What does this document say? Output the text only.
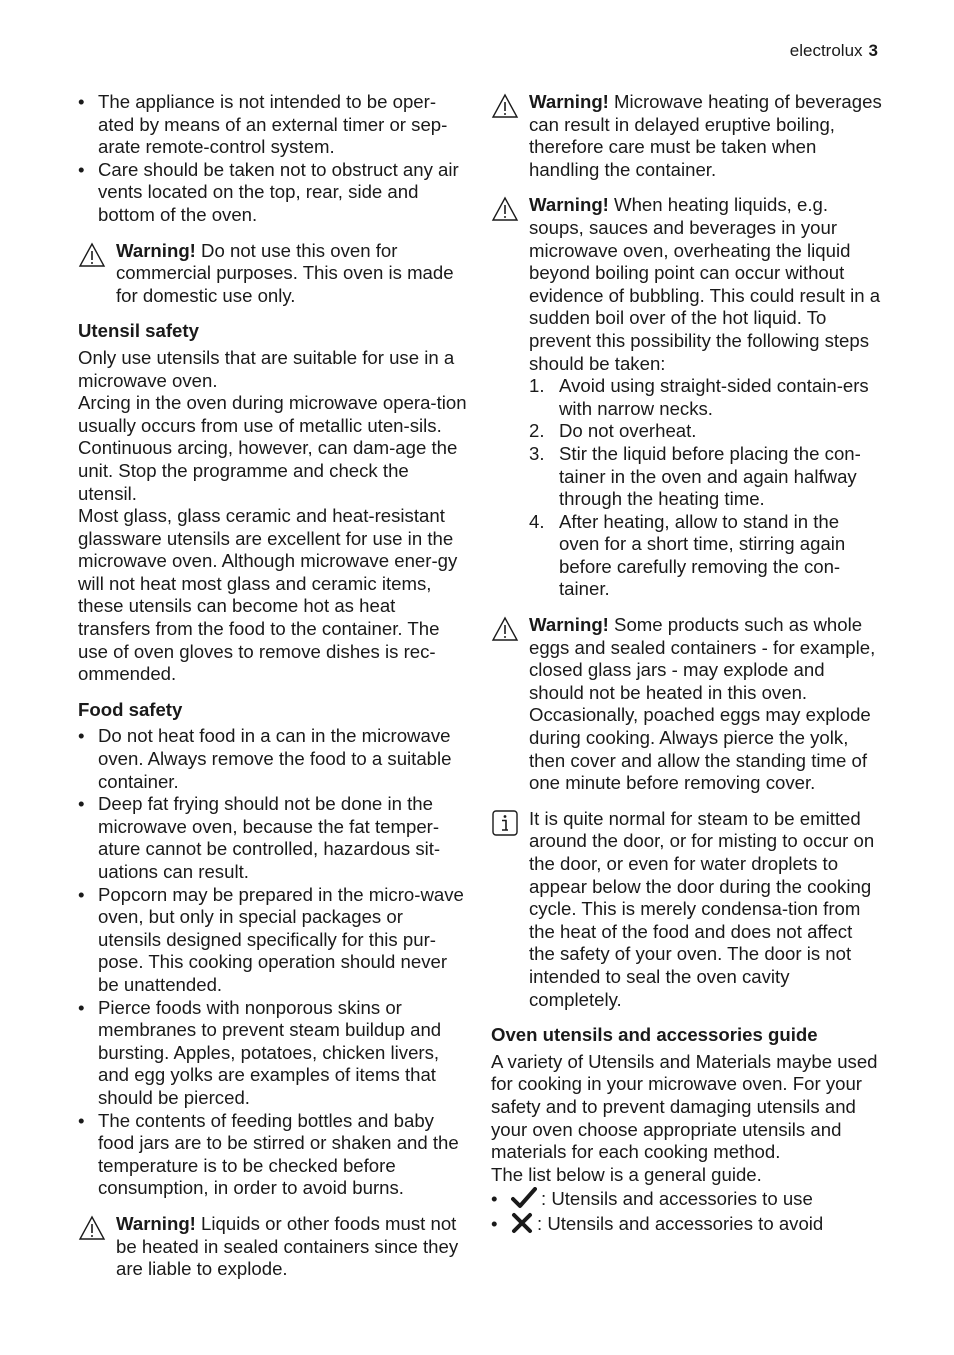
electrolux 3
• The appliance is not intended to be oper-ated by means of an external timer or sep-arate remote-control system.
• Care should be taken not to obstruct any air vents located on the top, rear, side and bottom of the oven.
Warning! Do not use this oven for commercial purposes. This oven is made for domestic use only.
Utensil safety

Only use utensils that are suitable for use in a microwave oven.

Arcing in the oven during microwave opera-tion usually occurs from use of metallic uten-sils. Continuous arcing, however, can dam-age the unit. Stop the programme and check the utensil.

Most glass, glass ceramic and heat-resistant glassware utensils are excellent for use in the microwave oven. Although microwave ener-gy will not heat most glass and ceramic items, these utensils can become hot as heat transfers from the food to the container. The use of oven gloves to remove dishes is rec-ommended.

Food safety
• Do not heat food in a can in the microwave oven. Always remove the food to a suitable container.
• Deep fat frying should not be done in the microwave oven, because the fat temper-ature cannot be controlled, hazardous sit-uations can result.
• Popcorn may be prepared in the micro-wave oven, but only in special packages or utensils designed specifically for this pur-pose. This cooking operation should never be unattended.
• Pierce foods with nonporous skins or membranes to prevent steam buildup and bursting. Apples, potatoes, chicken livers, and egg yolks are examples of items that should be pierced.
• The contents of feeding bottles and baby food jars are to be stirred or shaken and the temperature is to be checked before consumption, in order to avoid burns.
Warning! Liquids or other foods must not be heated in sealed containers since they are liable to explode.
Warning! Microwave heating of beverages can result in delayed eruptive boiling, therefore care must be taken when handling the container.
Warning! When heating liquids, e.g. soups, sauces and beverages in your microwave oven, overheating the liquid beyond boiling point can occur without evidence of bubbling. This could result in a sudden boil over of the hot liquid. To prevent this possibility the following steps should be taken:
1. Avoid using straight-sided contain-ers with narrow necks.
2. Do not overheat.
3. Stir the liquid before placing the con-tainer in the oven and again halfway through the heating time.
4. After heating, allow to stand in the oven for a short time, stirring again before carefully removing the con-tainer.
Warning! Some products such as whole eggs and sealed containers - for example, closed glass jars - may explode and should not be heated in this oven. Occasionally, poached eggs may explode during cooking. Always pierce the yolk, then cover and allow the standing time of one minute before removing cover.
It is quite normal for steam to be emitted around the door, or for misting to occur on the door, or even for water droplets to appear below the door during the cooking cycle. This is merely condensa-tion from the heat of the food and does not affect the safety of your oven. The door is not intended to seal the oven cavity completely.
Oven utensils and accessories guide

A variety of Utensils and Materials maybe used for cooking in your microwave oven. For your safety and to prevent damaging utensils and your oven choose appropriate utensils and materials for each cooking method.

The list below is a general guide.

• : Utensils and accessories to use
• : Utensils and accessories to avoid
